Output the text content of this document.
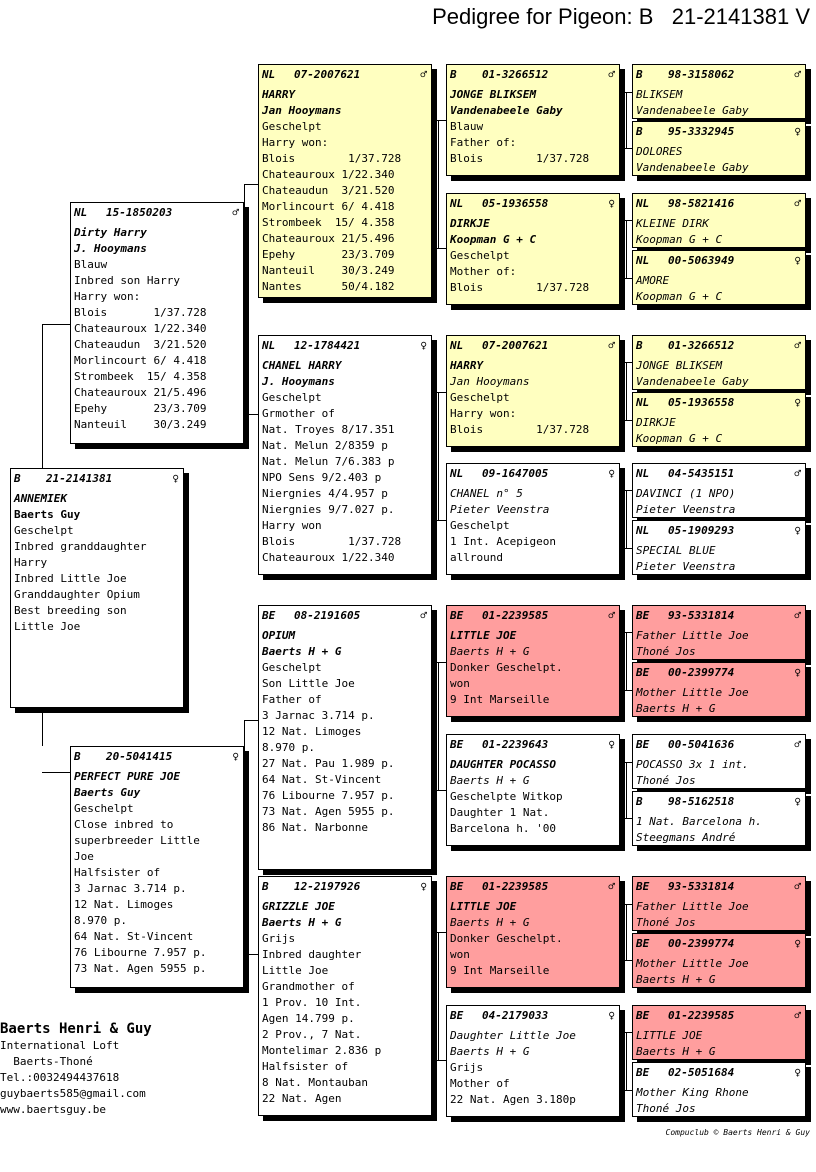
Pedigree for Pigeon: B   21-2141381 V
B	21-2141381	♀
ANNEMIEK
Baerts Guy
Geschelpt
Inbred granddaughter
Harry
Inbred Little Joe
Granddaughter Opium
Best breeding son
Little Joe
NL	15-1850203	♂
Dirty Harry
J. Hooymans
Blauw
Inbred son Harry
Harry won:
Blois       1/37.728
Chateauroux 1/22.340
Chateaudun  3/21.520
Morlincourt 6/ 4.418
Strombeek  15/ 4.358
Chateauroux 21/5.496
Epehy       23/3.709
Nanteuil    30/3.249
B	20-5041415	♀
PERFECT PURE JOE
Baerts Guy
Geschelpt
Close inbred to
superbreeder Little
Joe
Halfsister of
3 Jarnac 3.714 p.
12 Nat. Limoges
8.970 p.
64 Nat. St-Vincent
76 Libourne 7.957 p.
73 Nat. Agen 5955 p.
NL	07-2007621	♂
HARRY
Jan Hooymans
Geschelpt
Harry won:
Blois        1/37.728
Chateauroux 1/22.340
Chateaudun  3/21.520
Morlincourt 6/ 4.418
Strombeek  15/ 4.358
Chateauroux 21/5.496
Epehy       23/3.709
Nanteuil    30/3.249
Nantes      50/4.182
NL	12-1784421	♀
CHANEL HARRY
J. Hooymans
Geschelpt
Grmother of
Nat. Troyes 8/17.351
Nat. Melun 2/8359 p
Nat. Melun 7/6.383 p
NPO Sens 9/2.403 p
Niergnies 4/4.957 p
Niergnies 9/7.027 p.
Harry won
Blois        1/37.728
Chateauroux 1/22.340
BE	08-2191605	♂
OPIUM
Baerts H + G
Geschelpt
Son Little Joe
Father of
3 Jarnac 3.714 p.
12 Nat. Limoges
8.970 p.
27 Nat. Pau 1.989 p.
64 Nat. St-Vincent
76 Libourne 7.957 p.
73 Nat. Agen 5955 p.
86 Nat. Narbonne
B	12-2197926	♀
GRIZZLE JOE
Baerts H + G
Grijs
Inbred daughter
Little Joe
Grandmother of
1 Prov. 10 Int.
Agen 14.799 p.
2 Prov., 7 Nat.
Montelimar 2.836 p
Halfsister of
8 Nat. Montauban
22 Nat. Agen
B	01-3266512	♂
JONGE BLIKSEM
Vandenabeele Gaby
Blauw
Father of:
Blois        1/37.728
NL	05-1936558	♀
DIRKJE
Koopman G + C
Geschelpt
Mother of:
Blois        1/37.728
NL	07-2007621	♂
HARRY
Jan Hooymans
Geschelpt
Harry won:
Blois        1/37.728
NL	09-1647005	♀
CHANEL n° 5
Pieter Veenstra
Geschelpt
1 Int. Acepigeon
allround
BE	01-2239585	♂
LITTLE JOE
Baerts H + G
Donker Geschelpt.
won
9 Int Marseille
BE	01-2239643	♀
DAUGHTER POCASSO
Baerts H + G
Geschelpte Witkop
Daughter 1 Nat.
Barcelona h. '00
BE	01-2239585	♂
LITTLE JOE
Baerts H + G
Donker Geschelpt.
won
9 Int Marseille
BE	04-2179033	♀
Daughter Little Joe
Baerts H + G
Grijs
Mother of
22 Nat. Agen 3.180p
B	98-3158062	♂
BLIKSEM
Vandenabeele Gaby
B	95-3332945	♀
DOLORES
Vandenabeele Gaby
NL	98-5821416	♂
KLEINE DIRK
Koopman G + C
NL	00-5063949	♀
AMORE
Koopman G + C
B	01-3266512	♂
JONGE BLIKSEM
Vandenabeele Gaby
NL	05-1936558	♀
DIRKJE
Koopman G + C
NL	04-5435151	♂
DAVINCI (1 NPO)
Pieter Veenstra
NL	05-1909293	♀
SPECIAL BLUE
Pieter Veenstra
BE	93-5331814	♂
Father Little Joe
Thoné Jos
BE	00-2399774	♀
Mother Little Joe
Baerts H + G
BE	00-5041636	♂
POCASSO 3x 1 int.
Thoné Jos
B	98-5162518	♀
1 Nat. Barcelona h.
Steegmans André
BE	93-5331814	♂
Father Little Joe
Thoné Jos
BE	00-2399774	♀
Mother Little Joe
Baerts H + G
BE	01-2239585	♂
LITTLE JOE
Baerts H + G
BE	02-5051684	♀
Mother King Rhone
Thoné Jos
Baerts Henri & Guy
International Loft
Baerts-Thoné
Tel.:0032494437618
guybaerts585@gmail.com
www.baertsguy.be
Compuclub © Baerts Henri & Guy
